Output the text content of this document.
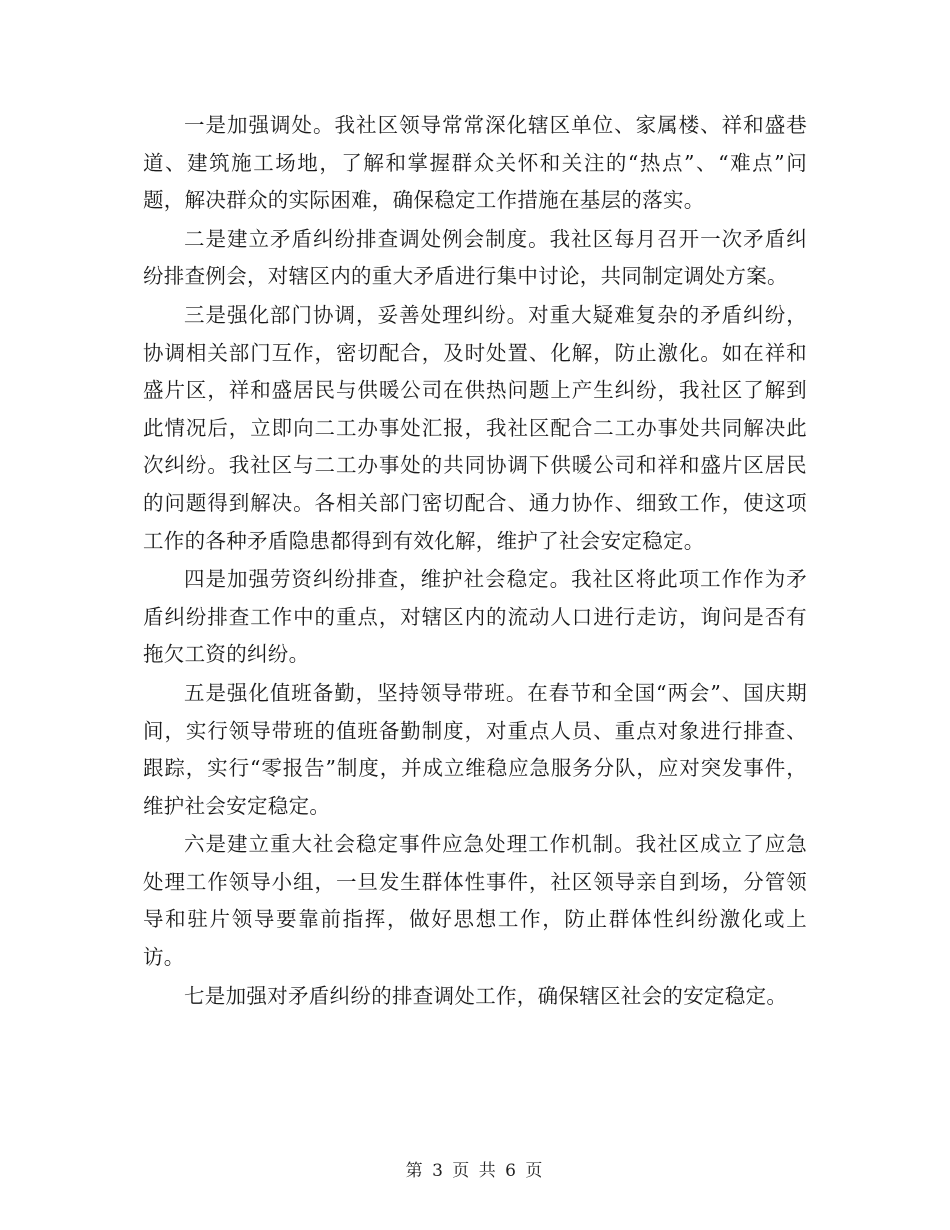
一是加强调处。我社区领导常常深化辖区单位、家属楼、祥和盛巷道、建筑施工场地，了解和掌握群众关怀和关注的“热点”、“难点”问题，解决群众的实际困难，确保稳定工作措施在基层的落实。

二是建立矛盾纠纷排查调处例会制度。我社区每月召开一次矛盾纠纷排查例会，对辖区内的重大矛盾进行集中讨论，共同制定调处方案。

三是强化部门协调，妥善处理纠纷。对重大疑难复杂的矛盾纠纷，协调相关部门互作，密切配合，及时处置、化解，防止激化。如在祥和盛片区，祥和盛居民与供暖公司在供热问题上产生纠纷，我社区了解到此情况后，立即向二工办事处汇报，我社区配合二工办事处共同解决此次纠纷。我社区与二工办事处的共同协调下供暖公司和祥和盛片区居民的问题得到解决。各相关部门密切配合、通力协作、细致工作，使这项工作的各种矛盾隐患都得到有效化解，维护了社会安定稳定。

四是加强劳资纠纷排查，维护社会稳定。我社区将此项工作作为矛盾纠纷排查工作中的重点，对辖区内的流动人口进行走访，询问是否有拖欠工资的纠纷。

五是强化值班备勤，坚持领导带班。在春节和全国“两会”、国庆期间，实行领导带班的值班备勤制度，对重点人员、重点对象进行排查、跟踪，实行“零报告”制度，并成立维稳应急服务分队，应对突发事件，维护社会安定稳定。

六是建立重大社会稳定事件应急处理工作机制。我社区成立了应急处理工作领导小组，一旦发生群体性事件，社区领导亲自到场，分管领导和驻片领导要靠前指挥，做好思想工作，防止群体性纠纷激化或上访。

七是加强对矛盾纠纷的排查调处工作，确保辖区社会的安定稳定。

第 3 页 共 6 页
